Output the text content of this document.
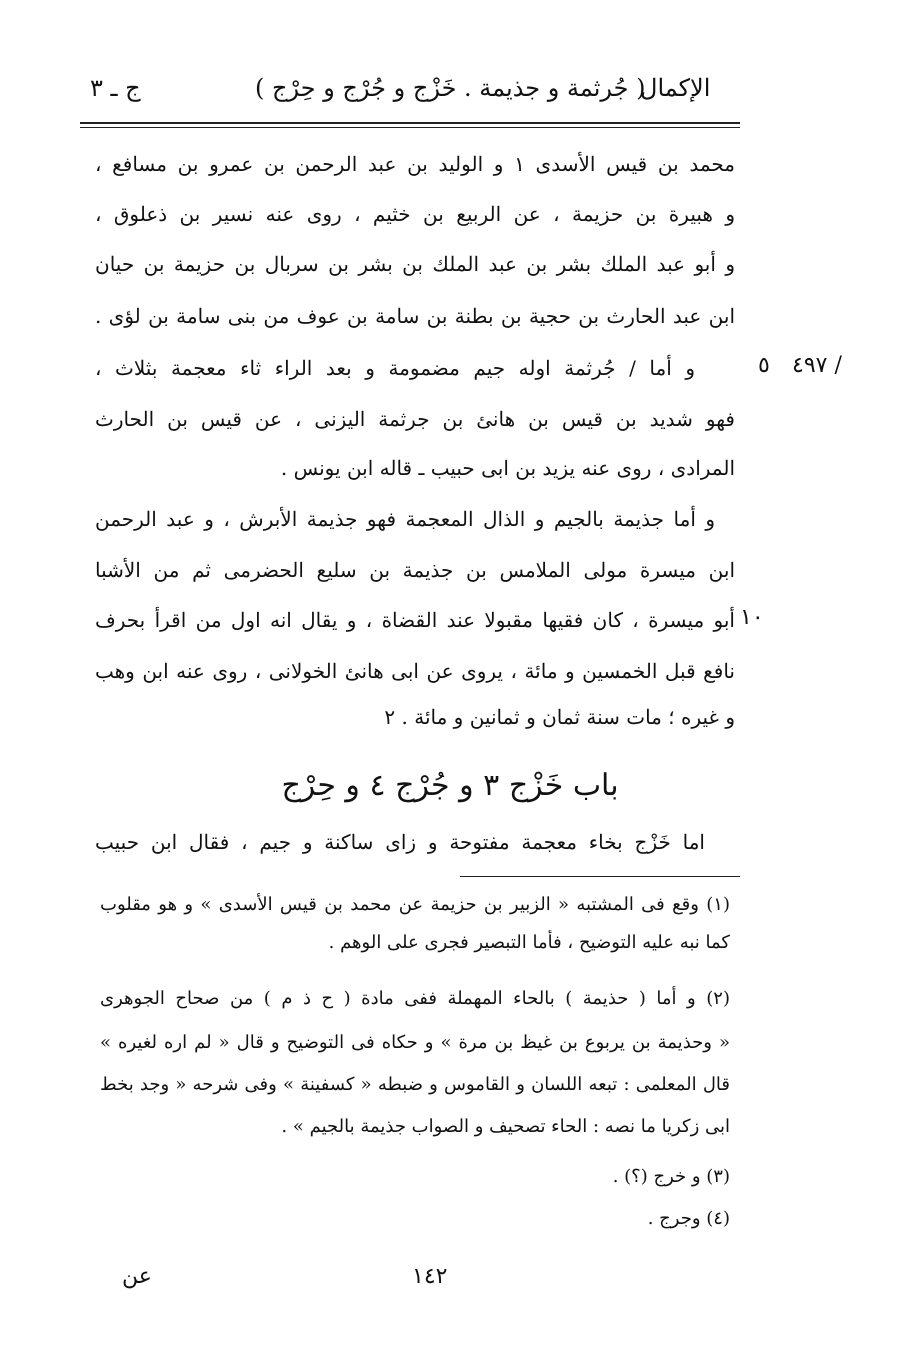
ج ـ ٣	( جُرثمة و جذيمة . خَزْج و جُرْج و حِرْج )
الإكمال
/ ٤٩٧
٥
١٠
محمد بن قيس الأسدى ۱ و الوليد بن عبد الرحمن بن عمرو بن مسافع ،
و هبيرة بن حزيمة ، عن الربيع بن خثيم ، روى عنه نسير بن ذعلوق ،
و أبو عبد الملك بشر بن عبد الملك بن بشر بن سربال بن حزيمة بن حيان
ابن عبد الحارث بن حجية بن بطنة بن سامة بن عوف من بنى سامة بن لؤى .
و أما / جُرثمة اوله جيم مضمومة و بعد الراء ثاء معجمة بثلاث ،
فهو شديد بن قيس بن هانئ بن جرثمة اليزنى ، عن قيس بن الحارث
المرادى ، روى عنه يزيد بن ابى حبيب ـ قاله ابن يونس .
و أما جذيمة بالجيم و الذال المعجمة فهو جذيمة الأبرش ، و عبد الرحمن
ابن ميسرة مولى الملامس بن جذيمة بن سليع الحضرمى ثم من الأشبا
أبو ميسرة ، كان فقيها مقبولا عند القضاة ، و يقال انه اول من اقرأ بحرف
نافع قبل الخمسين و مائة ، يروى عن ابى هانئ الخولانى ، روى عنه ابن وهب
و غيره ؛ مات سنة ثمان و ثمانين و مائة . ۲
باب خَزْج ۳ و جُرْج ٤ و حِرْج
اما خَزْج بخاء معجمة مفتوحة و زاى ساكنة و جيم ، فقال ابن حبيب
(١) وقع فى المشتبه « الزبير بن حزيمة عن محمد بن قيس الأسدى » و هو مقلوب
كما نبه عليه التوضيح ، فأما التبصير فجرى على الوهم .
(٢) و أما ( حذيمة ) بالحاء المهملة ففى مادة ( ح ذ م ) من صحاح الجوهرى
« وحذيمة بن يربوع بن غيظ بن مرة » و حكاه فى التوضيح و قال « لم اره لغيره »
قال المعلمى : تبعه اللسان و القاموس و ضبطه « كسفينة » وفى شرحه « وجد بخط
ابى زكريا ما نصه : الحاء تصحيف و الصواب جذيمة بالجيم » .
(٣) و خرج (؟) .
(٤) وجرج .
١٤٢
عن
